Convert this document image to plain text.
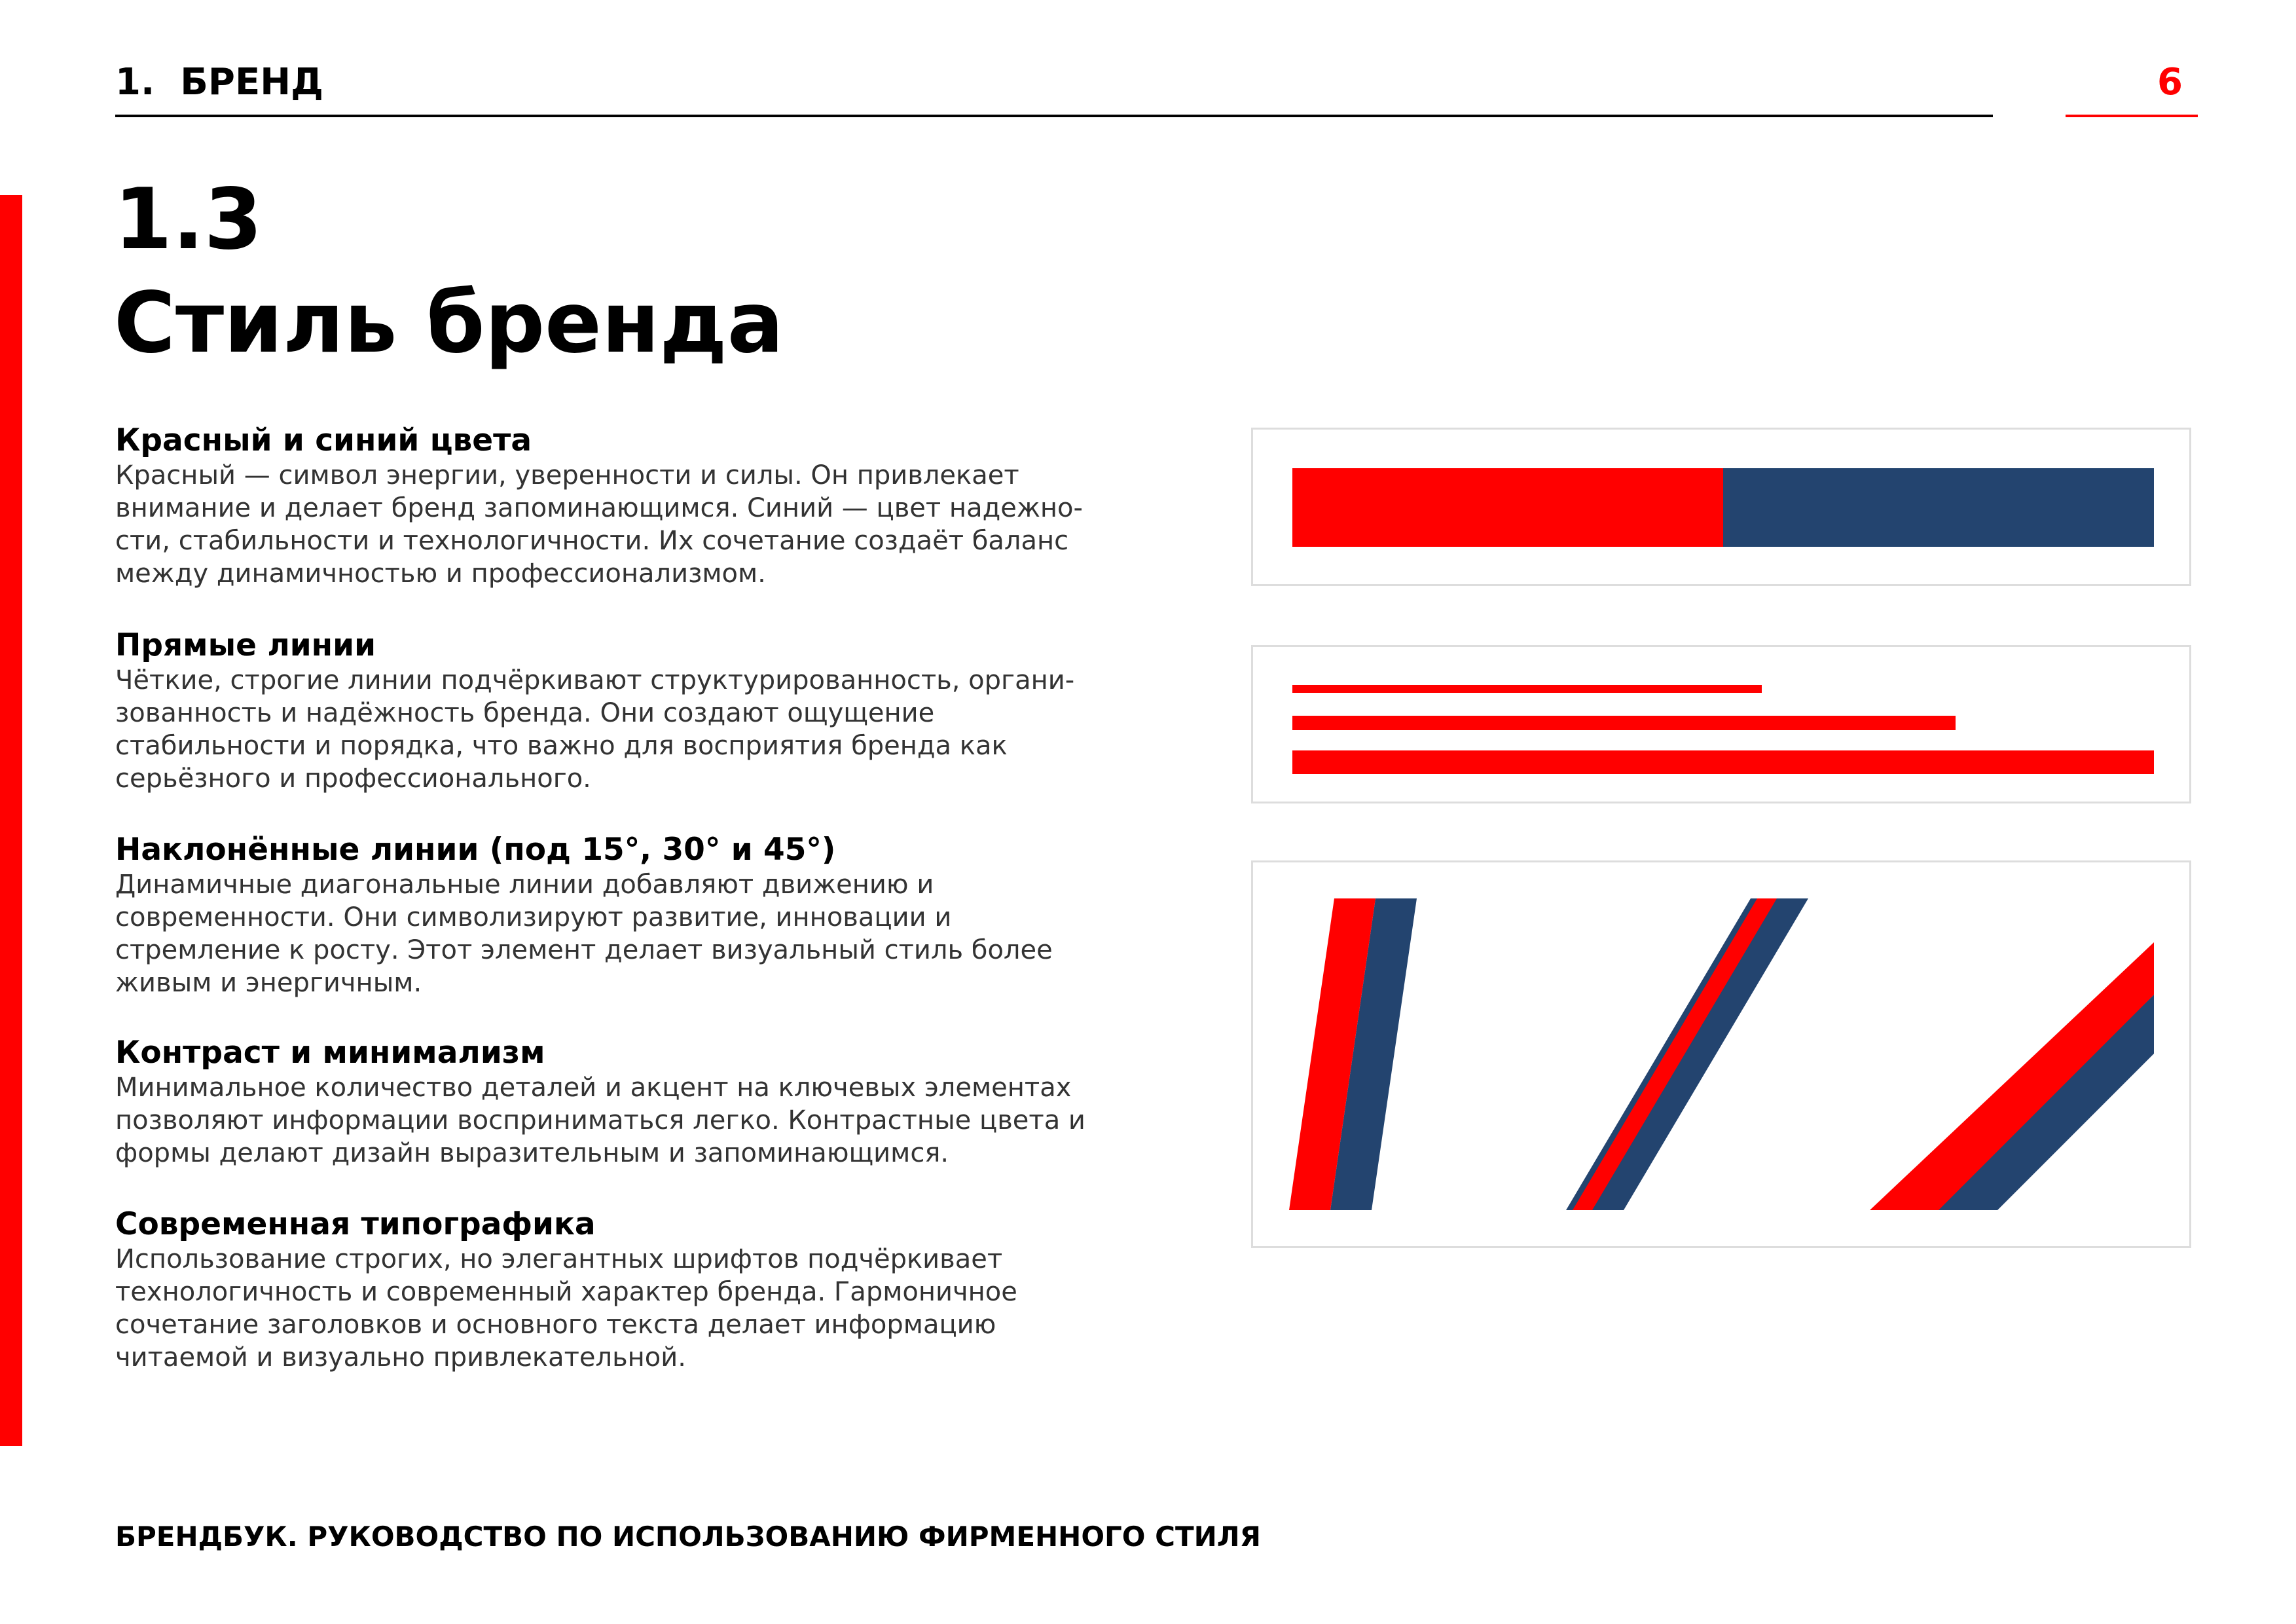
1.  БРЕНД	6
1.3
Стиль бренда
Красный и синий цвета
Красный — символ энергии, уверенности и силы. Он привлекает
внимание и делает бренд запоминающимся. Синий — цвет надежно-
сти, стабильности и технологичности. Их сочетание создаёт баланс
между динамичностью и профессионализмом.
Прямые линии
Чёткие, строгие линии подчёркивают структурированность, органи-
зованность и надёжность бренда. Они создают ощущение
стабильности и порядка, что важно для восприятия бренда как
серьёзного и профессионального.
Наклонённые линии (под 15°, 30° и 45°)
Динамичные диагональные линии добавляют движению и
современности. Они символизируют развитие, инновации и
стремление к росту. Этот элемент делает визуальный стиль более
живым и энергичным.
Контраст и минимализм
Минимальное количество деталей и акцент на ключевых элементах
позволяют информации восприниматься легко. Контрастные цвета и
формы делают дизайн выразительным и запоминающимся.
Современная типографика
Использование строгих, но элегантных шрифтов подчёркивает
технологичность и современный характер бренда. Гармоничное
сочетание заголовков и основного текста делает информацию
читаемой и визуально привлекательной.
БРЕНДБУК. РУКОВОДСТВО ПО ИСПОЛЬЗОВАНИЮ ФИРМЕННОГО СТИЛЯ
